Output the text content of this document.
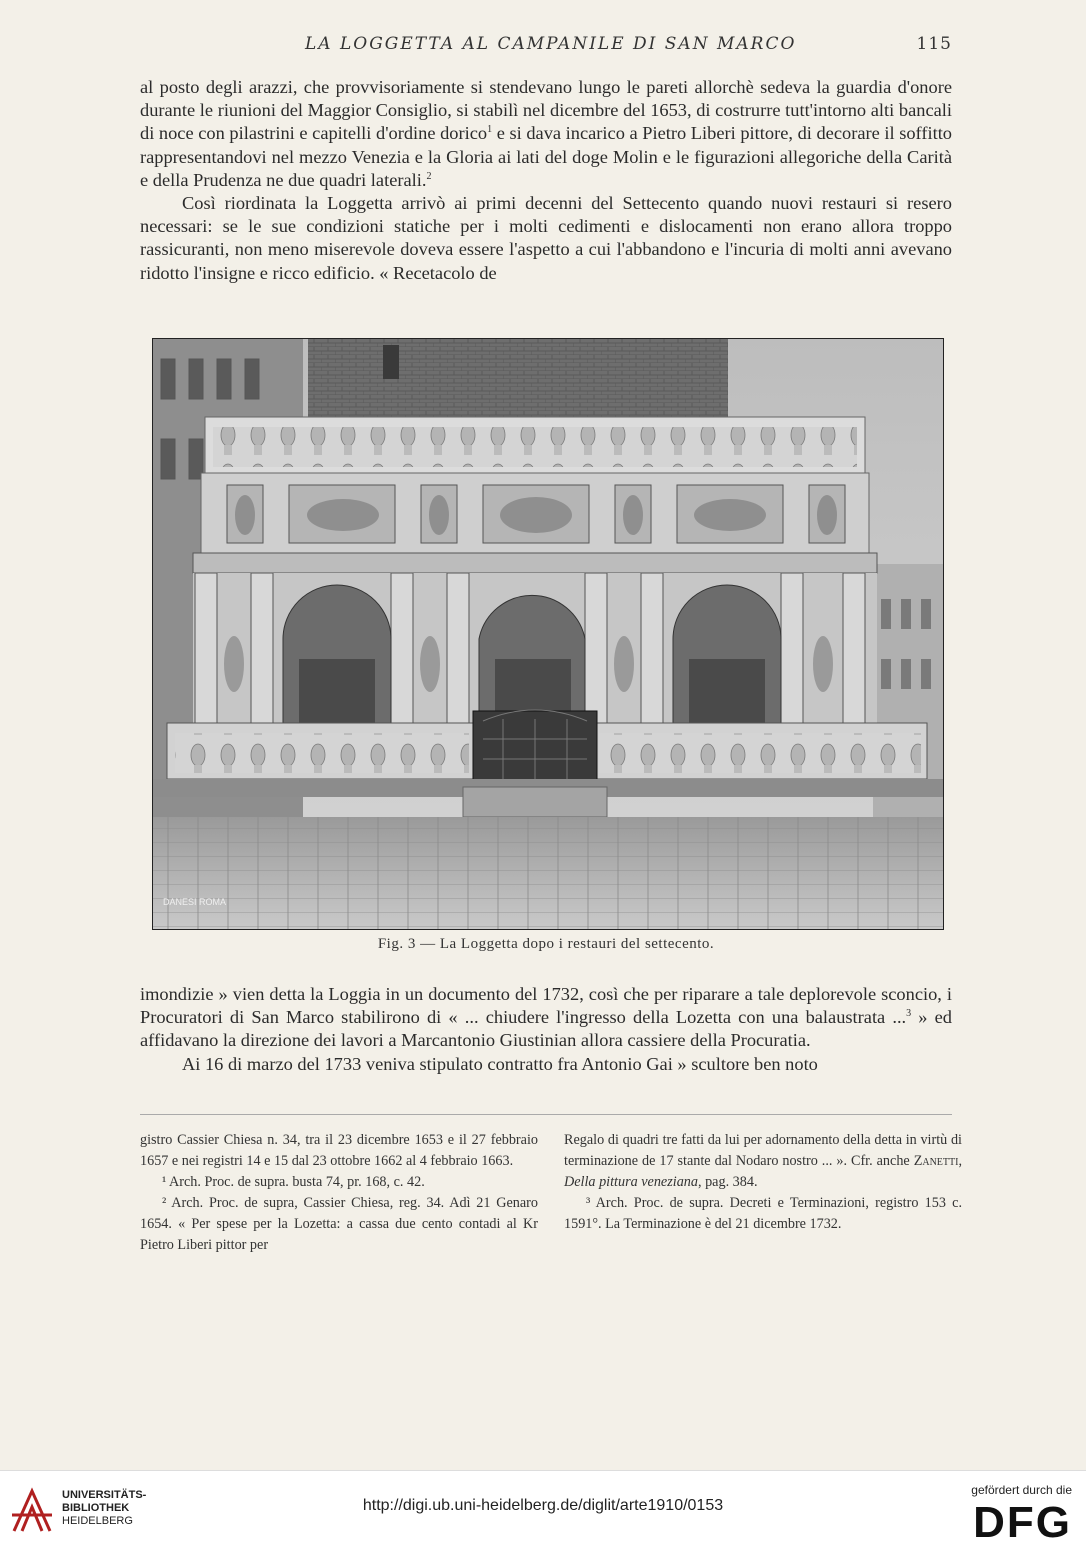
LA LOGGETTA AL CAMPANILE DI SAN MARCO	115

al posto degli arazzi, che provvisoriamente si stendevano lungo le pareti allorchè sedeva la guardia d'onore durante le riunioni del Maggior Consiglio, si stabilì nel dicembre del 1653, di costrurre tutt'intorno alti bancali di noce con pilastrini e capitelli d'ordine dorico$^1$ e si dava incarico a Pietro Liberi pittore, di decorare il soffitto rappresentandovi nel mezzo Venezia e la Gloria ai lati del doge Molin e le figurazioni allegoriche della Carità e della Prudenza ne due quadri laterali.$^2$

Così riordinata la Loggetta arrivò ai primi decenni del Settecento quando nuovi restauri si resero necessari: se le sue condizioni statiche per i molti cedimenti e dislocamenti non erano allora troppo rassicuranti, non meno miserevole doveva essere l'aspetto a cui l'abbandono e l'incuria di molti anni avevano ridotto l'insigne e ricco edificio. « Recetacolo de

DANESI ROMA
Fig. 3 — La Loggetta dopo i restauri del settecento.

imondizie » vien detta la Loggia in un documento del 1732, così che per riparare a tale deplorevole sconcio, i Procuratori di San Marco stabilirono di « ... chiudere l'ingresso della Lozetta con una balaustrata ...$^3$ » ed affidavano la direzione dei lavori a Marcantonio Giustinian allora cassiere della Procuratia.

Ai 16 di marzo del 1733 veniva stipulato contratto fra Antonio Gai » scultore ben noto

gistro Cassier Chiesa n. 34, tra il 23 dicembre 1653 e il 27 febbraio 1657 e nei registri 14 e 15 dal 23 ottobre 1662 al 4 febbraio 1663.

¹ Arch. Proc. de supra. busta 74, pr. 168, c. 42.

² Arch. Proc. de supra, Cassier Chiesa, reg. 34. Adì 21 Genaro 1654. « Per spese per la Lozetta: a cassa due cento contadi al Kr Pietro Liberi pittor per

Regalo di quadri tre fatti da lui per adornamento della detta in virtù di terminazione de 17 stante dal Nodaro nostro ... ». Cfr. anche Zanetti, Della pittura veneziana, pag. 384.

³ Arch. Proc. de supra. Decreti e Terminazioni, registro 153 c. 1591°. La Terminazione è del 21 dicembre 1732.

UNIVERSITÄTS-
BIBLIOTHEK
HEIDELBERG
http://digi.ub.uni-heidelberg.de/diglit/arte1910/0153
gefördert durch die
DFG
